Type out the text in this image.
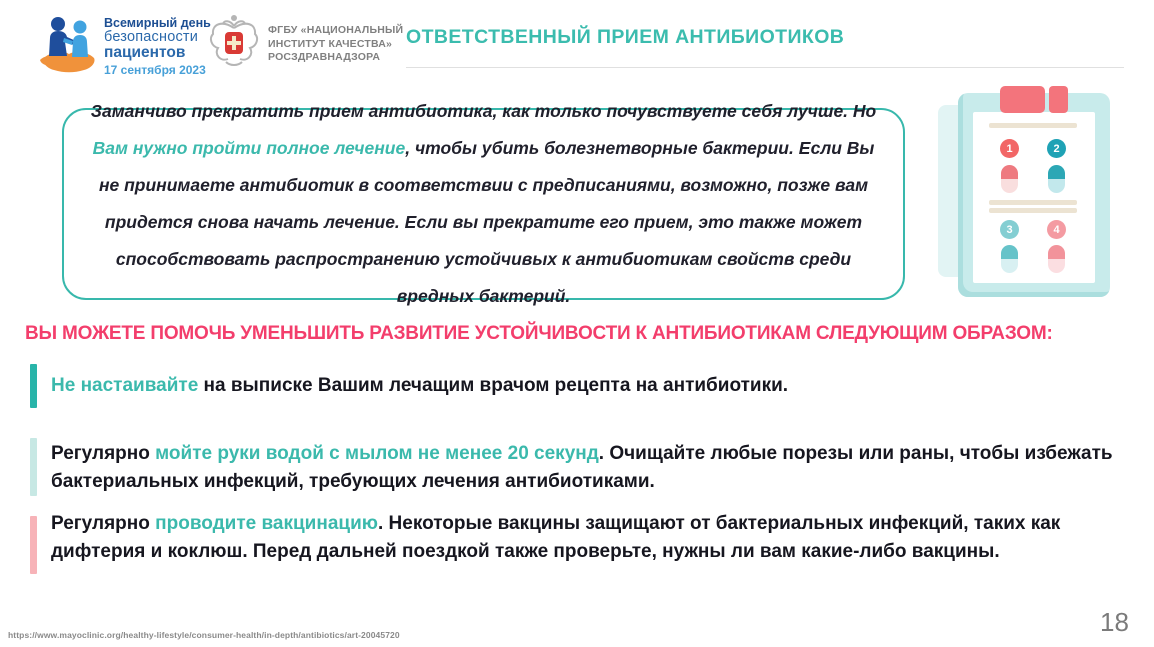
Всемирный день
безопасности
пациентов
17 сентября 2023
ФГБУ «НАЦИОНАЛЬНЫЙ
ИНСТИТУТ КАЧЕСТВА»
РОСЗДРАВНАДЗОРА
ОТВЕТСТВЕННЫЙ ПРИЕМ АНТИБИОТИКОВ

Заманчиво прекратить прием антибиотика, как только почувствуете себя лучше. Но Вам нужно пройти полное лечение, чтобы убить болезнетворные бактерии. Если Вы не принимаете антибиотик в соответствии с предписаниями, возможно, позже вам придется снова начать лечение. Если вы прекратите его прием, это также может способствовать распространению устойчивых к антибиотикам свойств среди вредных бактерий.

1	2
3	4
ВЫ МОЖЕТЕ ПОМОЧЬ УМЕНЬШИТЬ РАЗВИТИЕ УСТОЙЧИВОСТИ К АНТИБИОТИКАМ СЛЕДУЮЩИМ ОБРАЗОМ:

Не настаивайте на выписке Вашим лечащим врачом рецепта на антибиотики.

Регулярно мойте руки водой с мылом не менее 20 секунд. Очищайте любые порезы или раны, чтобы избежать бактериальных инфекций, требующих лечения антибиотиками.

Регулярно проводите вакцинацию. Некоторые вакцины защищают от бактериальных инфекций, таких как дифтерия и коклюш. Перед дальней поездкой также проверьте, нужны ли вам какие-либо вакцины.

https://www.mayoclinic.org/healthy-lifestyle/consumer-health/in-depth/antibiotics/art-20045720	18
